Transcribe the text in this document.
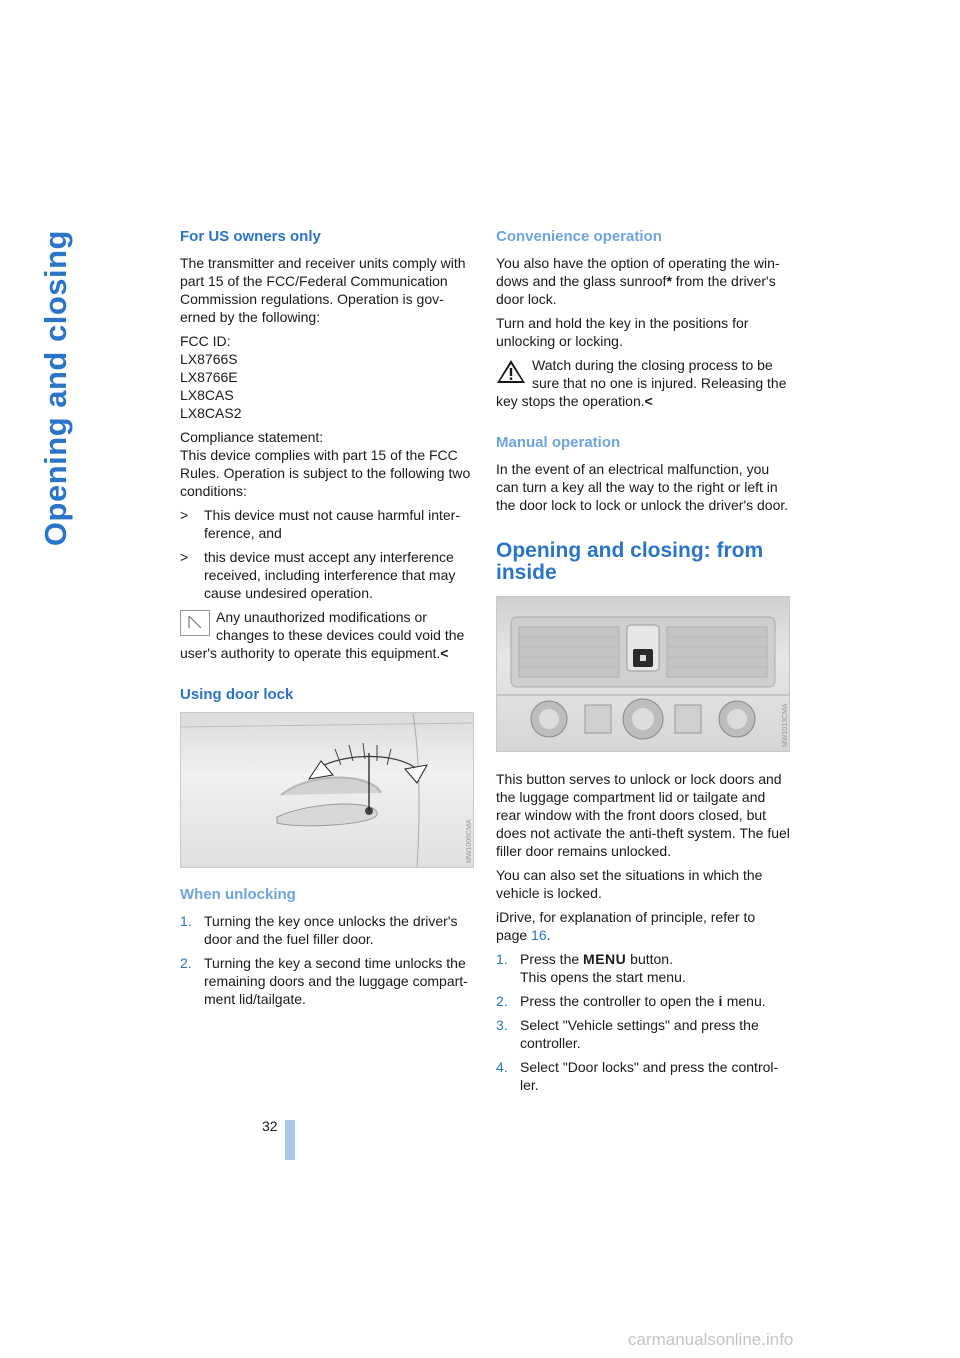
Opening and closing	For US owners only

The transmitter and receiver units comply with part 15 of the FCC/Federal Communication Commission regulations. Operation is gov-erned by the following:

FCC ID:
LX8766S
LX8766E
LX8CAS
LX8CAS2

Compliance statement:
This device complies with part 15 of the FCC Rules. Operation is subject to the following two conditions:

>	This device must not cause harmful inter-ference, and
>	this device must accept any interference received, including interference that may cause undesired operation.
Any unauthorized modifications or changes to these devices could void the
user's authority to operate this equipment.<
Using door lock
MW1006CMA
When unlocking
1. Turning the key once unlocks the driver's door and the fuel filler door.
2. Turning the key a second time unlocks the remaining doors and the luggage compart-ment lid/tailgate.
Convenience operation

You also have the option of operating the win-dows and the glass sunroof* from the driver's door lock.

Turn and hold the key in the positions for unlocking or locking.

Watch during the closing process to be sure that no one is injured. Releasing the
key stops the operation.<
Manual operation

In the event of an electrical malfunction, you can turn a key all the way to the right or left in the door lock to lock or unlock the driver's door.

Opening and closing: from inside
MW1013CMA

This button serves to unlock or lock doors and the luggage compartment lid or tailgate and rear window with the front doors closed, but does not activate the anti-theft system. The fuel filler door remains unlocked.

You can also set the situations in which the vehicle is locked.

iDrive, for explanation of principle, refer to page 16.

1. Press the MENU button.
This opens the start menu.
2. Press the controller to open the i menu.
3. Select "Vehicle settings" and press the controller.
4. Select "Door locks" and press the control-ler.
32
carmanualsonline.info
